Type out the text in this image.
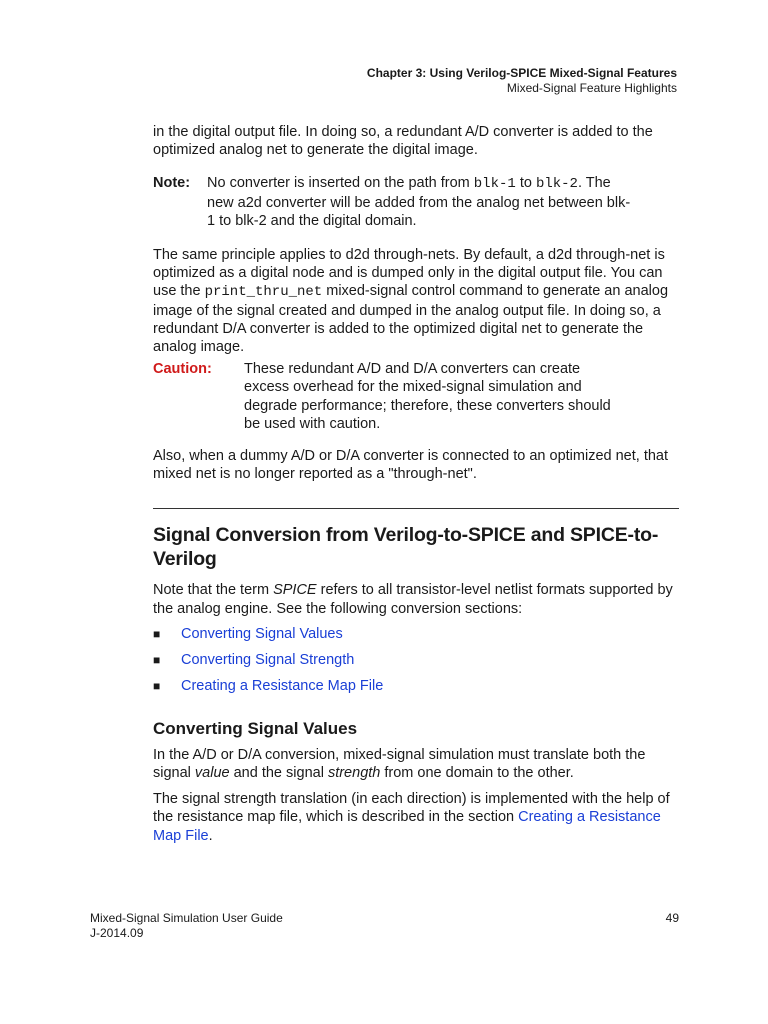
Chapter 3: Using Verilog-SPICE Mixed-Signal Features
Mixed-Signal Feature Highlights

in the digital output file. In doing so, a redundant A/D converter is added to the optimized analog net to generate the digital image.

Note:	No converter is inserted on the path from blk-1 to blk-2. The new a2d converter will be added from the analog net between blk-1 to blk-2 and the digital domain.

The same principle applies to d2d through-nets. By default, a d2d through-net is optimized as a digital node and is dumped only in the digital output file. You can use the print_thru_net mixed-signal control command to generate an analog image of the signal created and dumped in the analog output file. In doing so, a redundant D/A converter is added to the optimized digital net to generate the analog image.

Caution:	These redundant A/D and D/A converters can create excess overhead for the mixed-signal simulation and degrade performance; therefore, these converters should be used with caution.

Also, when a dummy A/D or D/A converter is connected to an optimized net, that mixed net is no longer reported as a "through-net".

Signal Conversion from Verilog-to-SPICE and SPICE-to-Verilog

Note that the term SPICE refers to all transistor-level netlist formats supported by the analog engine. See the following conversion sections:

■	Converting Signal Values
■	Converting Signal Strength
■	Creating a Resistance Map File
Converting Signal Values

In the A/D or D/A conversion, mixed-signal simulation must translate both the signal value and the signal strength from one domain to the other.

The signal strength translation (in each direction) is implemented with the help of the resistance map file, which is described in the section Creating a Resistance Map File.

Mixed-Signal Simulation User Guide	49
J-2014.09
